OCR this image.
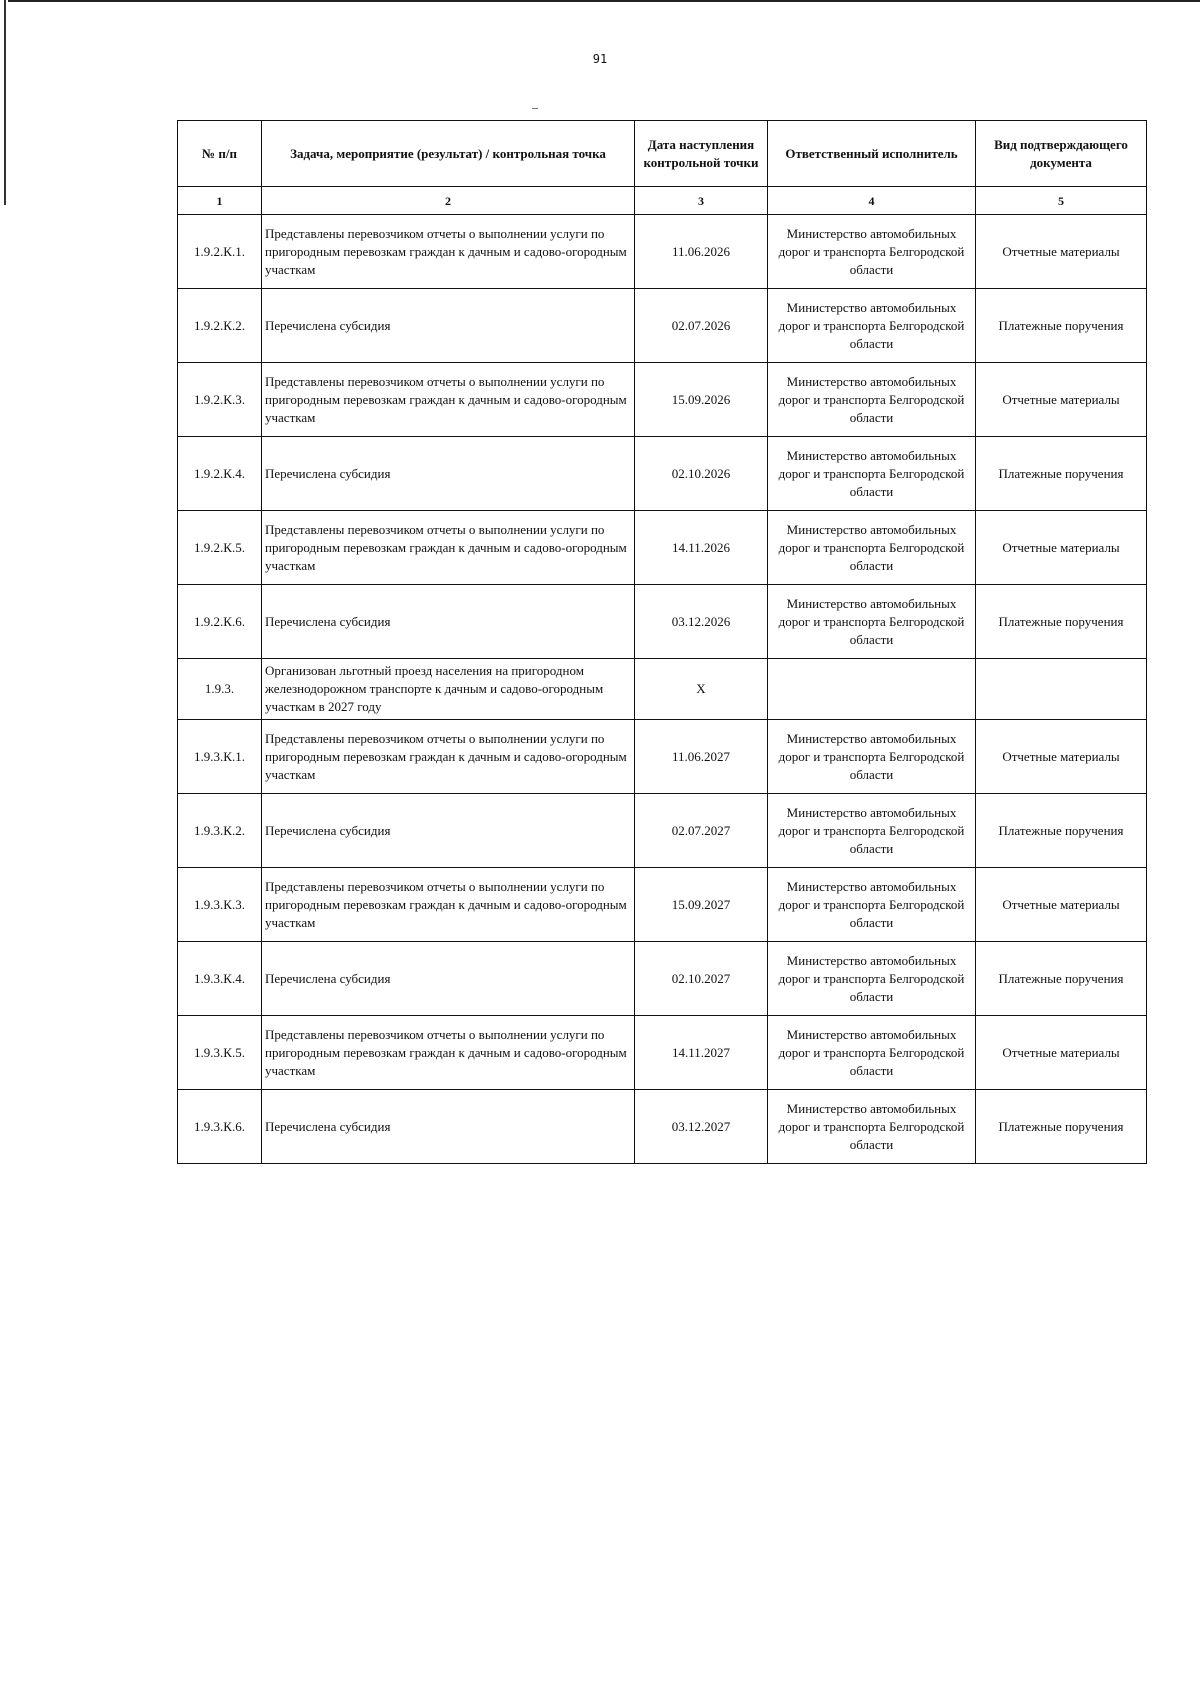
91
№ п/п	Задача, мероприятие (результат) / контрольная точка	Дата наступления контрольной точки	Ответственный исполнитель	Вид подтверждающего документа
1	2	3	4	5
1.9.2.К.1.	Представлены перевозчиком отчеты о выполнении услуги по пригородным перевозкам граждан к дачным и садово-огородным участкам	11.06.2026	Министерство автомобильных дорог и транспорта Белгородской области	Отчетные материалы
1.9.2.К.2.	Перечислена субсидия	02.07.2026	Министерство автомобильных дорог и транспорта Белгородской области	Платежные поручения
1.9.2.К.3.	Представлены перевозчиком отчеты о выполнении услуги по пригородным перевозкам граждан к дачным и садово-огородным участкам	15.09.2026	Министерство автомобильных дорог и транспорта Белгородской области	Отчетные материалы
1.9.2.К.4.	Перечислена субсидия	02.10.2026	Министерство автомобильных дорог и транспорта Белгородской области	Платежные поручения
1.9.2.К.5.	Представлены перевозчиком отчеты о выполнении услуги по пригородным перевозкам граждан к дачным и садово-огородным участкам	14.11.2026	Министерство автомобильных дорог и транспорта Белгородской области	Отчетные материалы
1.9.2.К.6.	Перечислена субсидия	03.12.2026	Министерство автомобильных дорог и транспорта Белгородской области	Платежные поручения
1.9.3.	Организован льготный проезд населения на пригородном железнодорожном транспорте к дачным и садово-огородным участкам в 2027 году	X		
1.9.3.К.1.	Представлены перевозчиком отчеты о выполнении услуги по пригородным перевозкам граждан к дачным и садово-огородным участкам	11.06.2027	Министерство автомобильных дорог и транспорта Белгородской области	Отчетные материалы
1.9.3.К.2.	Перечислена субсидия	02.07.2027	Министерство автомобильных дорог и транспорта Белгородской области	Платежные поручения
1.9.3.К.3.	Представлены перевозчиком отчеты о выполнении услуги по пригородным перевозкам граждан к дачным и садово-огородным участкам	15.09.2027	Министерство автомобильных дорог и транспорта Белгородской области	Отчетные материалы
1.9.3.К.4.	Перечислена субсидия	02.10.2027	Министерство автомобильных дорог и транспорта Белгородской области	Платежные поручения
1.9.3.К.5.	Представлены перевозчиком отчеты о выполнении услуги по пригородным перевозкам граждан к дачным и садово-огородным участкам	14.11.2027	Министерство автомобильных дорог и транспорта Белгородской области	Отчетные материалы
1.9.3.К.6.	Перечислена субсидия	03.12.2027	Министерство автомобильных дорог и транспорта Белгородской области	Платежные поручения
